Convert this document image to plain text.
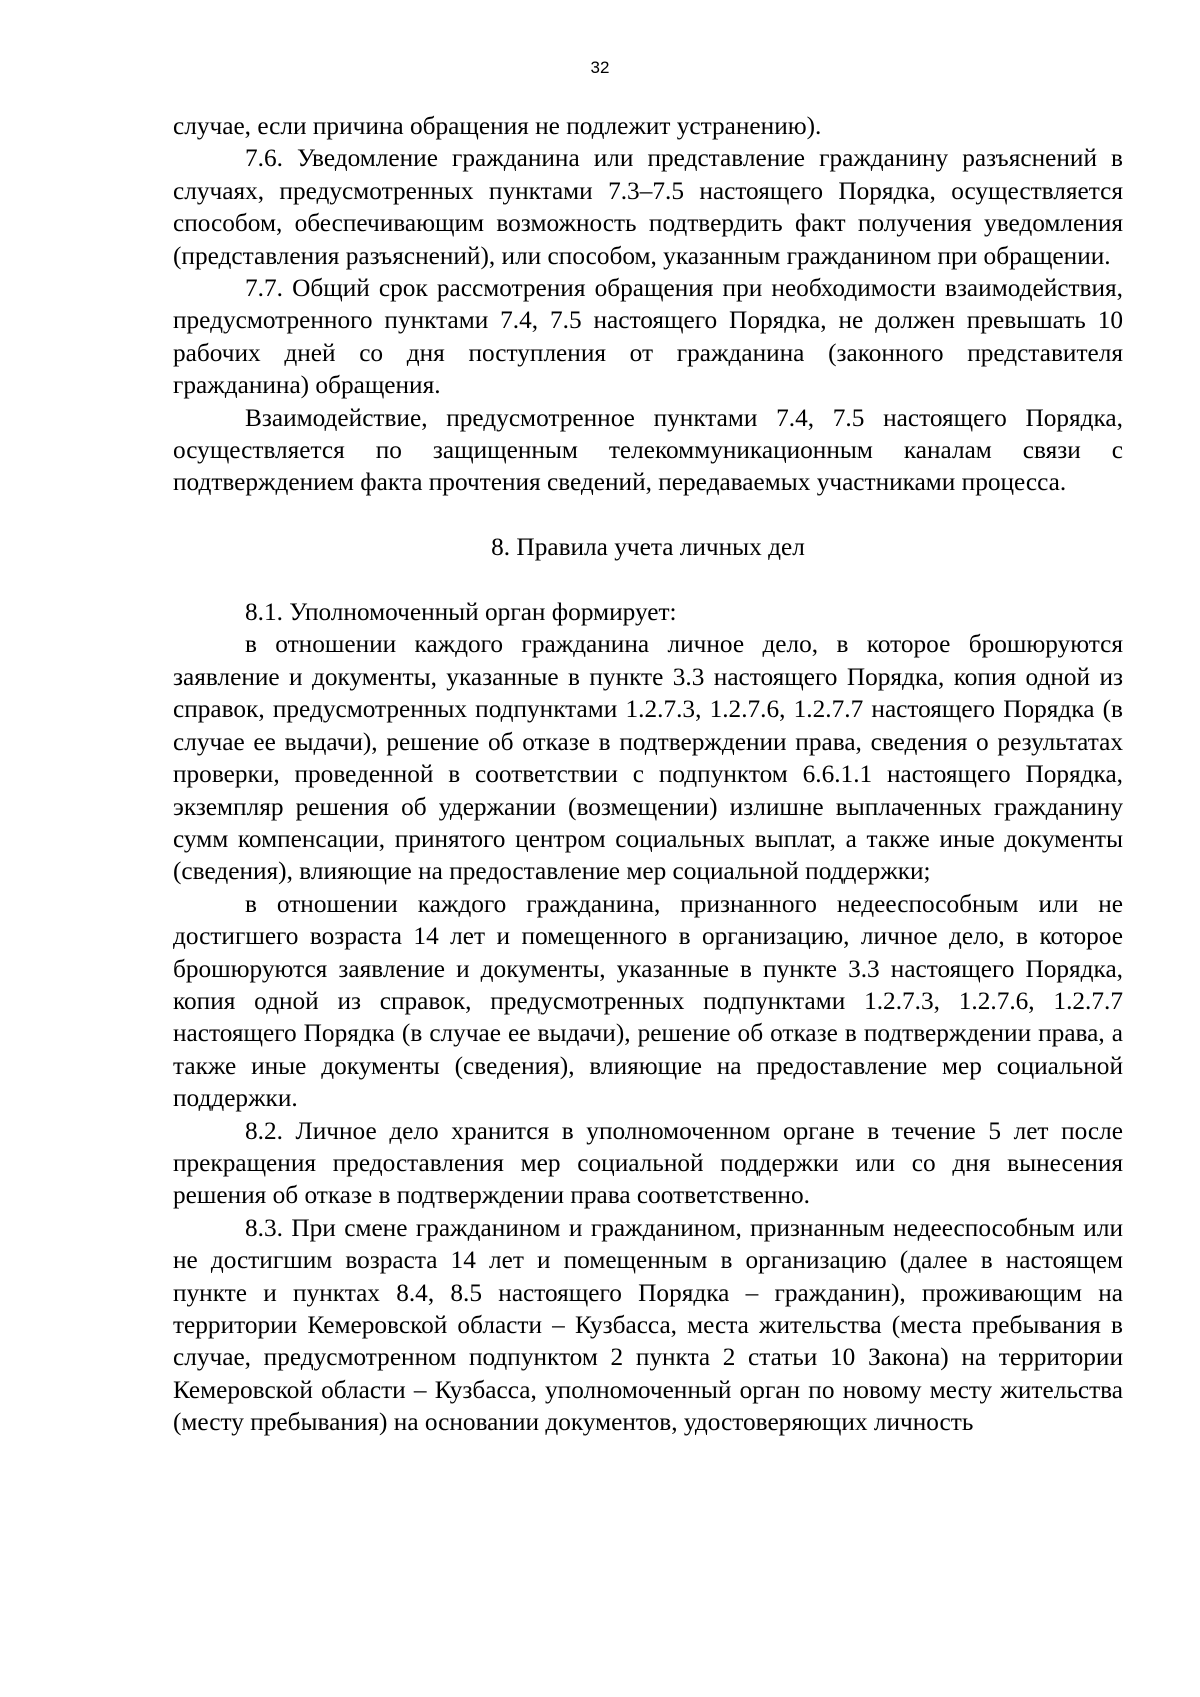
32

случае, если причина обращения не подлежит устранению).

7.6. Уведомление гражданина или представление гражданину разъяснений в случаях, предусмотренных пунктами 7.3–7.5 настоящего Порядка, осуществляется способом, обеспечивающим возможность подтвердить факт получения уведомления (представления разъяснений), или способом, указанным гражданином при обращении.

7.7. Общий срок рассмотрения обращения при необходимости взаимодействия, предусмотренного пунктами 7.4, 7.5 настоящего Порядка, не должен превышать 10 рабочих дней со дня поступления от гражданина (законного представителя гражданина) обращения.

Взаимодействие, предусмотренное пунктами 7.4, 7.5 настоящего Порядка, осуществляется по защищенным телекоммуникационным каналам связи с подтверждением факта прочтения сведений, передаваемых участниками процесса.

8. Правила учета личных дел

8.1. Уполномоченный орган формирует:

в отношении каждого гражданина личное дело, в которое брошюруются заявление и документы, указанные в пункте 3.3 настоящего Порядка, копия одной из справок, предусмотренных подпунктами 1.2.7.3, 1.2.7.6, 1.2.7.7 настоящего Порядка (в случае ее выдачи), решение об отказе в подтверждении права, сведения о результатах проверки, проведенной в соответствии с подпунктом 6.6.1.1 настоящего Порядка, экземпляр решения об удержании (возмещении) излишне выплаченных гражданину сумм компенсации, принятого центром социальных выплат, а также иные документы (сведения), влияющие на предоставление мер социальной поддержки;

в отношении каждого гражданина, признанного недееспособным или не достигшего возраста 14 лет и помещенного в организацию, личное дело, в которое брошюруются заявление и документы, указанные в пункте 3.3 настоящего Порядка, копия одной из справок, предусмотренных подпунктами 1.2.7.3, 1.2.7.6, 1.2.7.7 настоящего Порядка (в случае ее выдачи), решение об отказе в подтверждении права, а также иные документы (сведения), влияющие на предоставление мер социальной поддержки.

8.2. Личное дело хранится в уполномоченном органе в течение 5 лет после прекращения предоставления мер социальной поддержки или со дня вынесения решения об отказе в подтверждении права соответственно.

8.3. При смене гражданином и гражданином, признанным недееспособным или не достигшим возраста 14 лет и помещенным в организацию (далее в настоящем пункте и пунктах 8.4, 8.5 настоящего Порядка – гражданин), проживающим на территории Кемеровской области – Кузбасса, места жительства (места пребывания в случае, предусмотренном подпунктом 2 пункта 2 статьи 10 Закона) на территории Кемеровской области – Кузбасса, уполномоченный орган по новому месту жительства (месту пребывания) на основании документов, удостоверяющих личность
